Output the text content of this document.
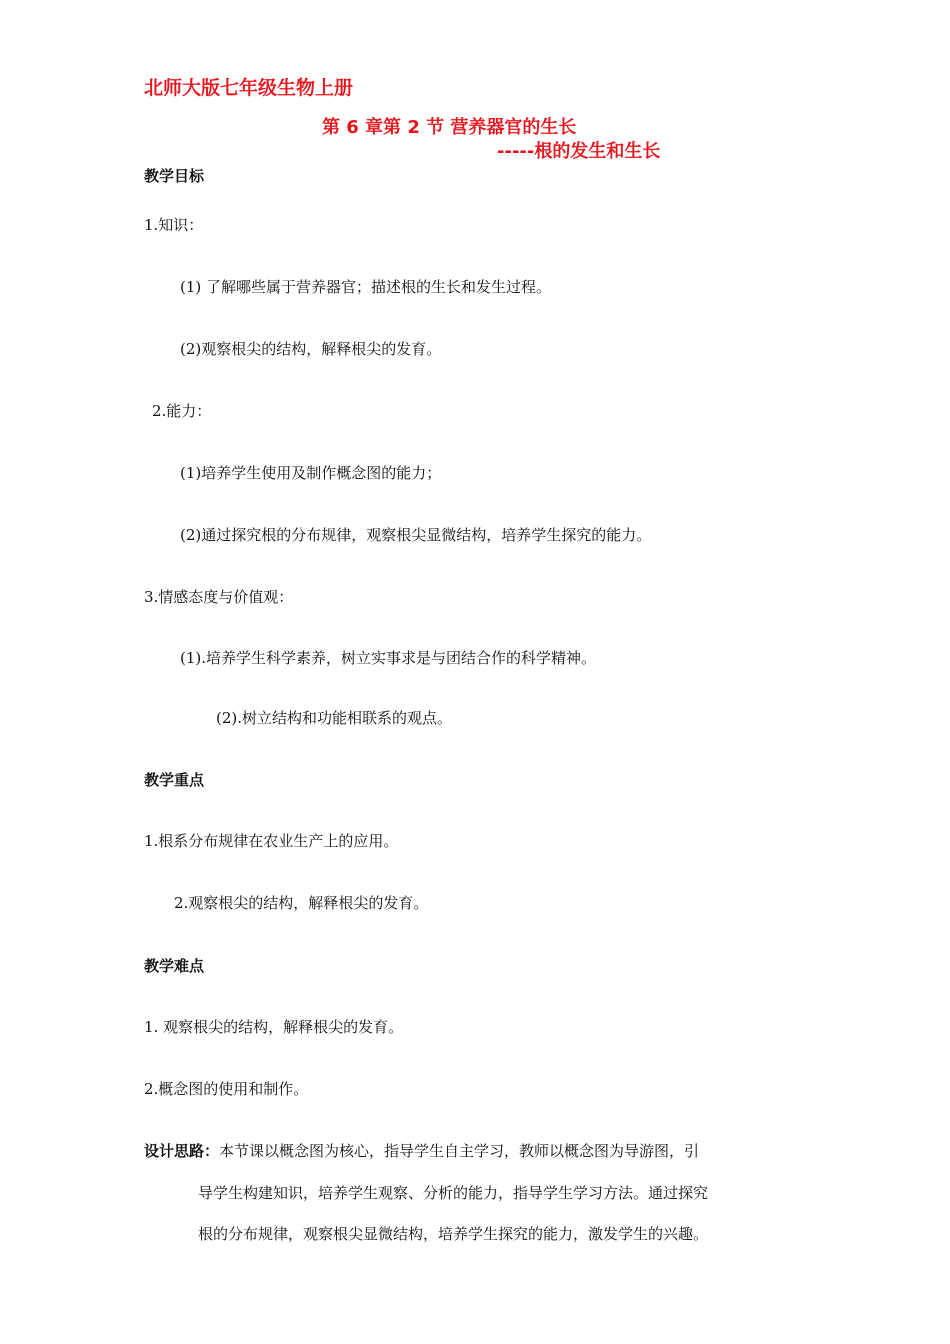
北师大版七年级生物上册
第 6 章第 2 节 营养器官的生长
-----根的发生和生长
教学目标
1.知识：
(1) 了解哪些属于营养器官；描述根的生长和发生过程。
(2)观察根尖的结构，解释根尖的发育。
2.能力：
(1)培养学生使用及制作概念图的能力；
(2)通过探究根的分布规律，观察根尖显微结构，培养学生探究的能力。
3.情感态度与价值观：
(1).培养学生科学素养，树立实事求是与团结合作的科学精神。
(2).树立结构和功能相联系的观点。
教学重点
1.根系分布规律在农业生产上的应用。
2.观察根尖的结构，解释根尖的发育。
教学难点
1. 观察根尖的结构，解释根尖的发育。
2.概念图的使用和制作。
设计思路：本节课以概念图为核心，指导学生自主学习，教师以概念图为导游图，引
导学生构建知识，培养学生观察、分析的能力，指导学生学习方法。通过探究
根的分布规律，观察根尖显微结构，培养学生探究的能力，激发学生的兴趣。
